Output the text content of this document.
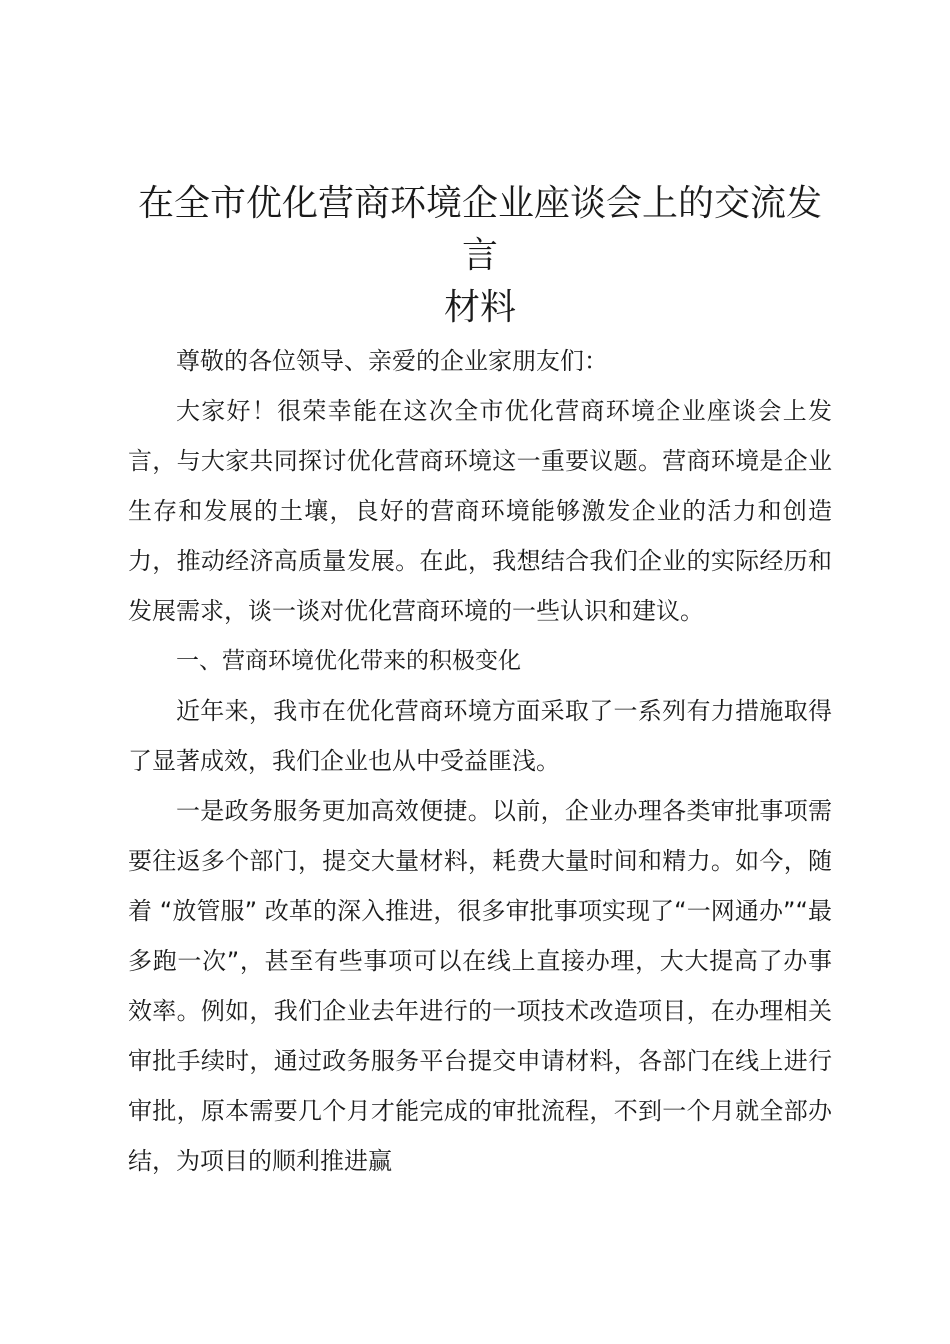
在全市优化营商环境企业座谈会上的交流发言
材料

尊敬的各位领导、亲爱的企业家朋友们：

大家好！很荣幸能在这次全市优化营商环境企业座谈会上发言，与大家共同探讨优化营商环境这一重要议题。营商环境是企业生存和发展的土壤，良好的营商环境能够激发企业的活力和创造力，推动经济高质量发展。在此，我想结合我们企业的实际经历和发展需求，谈一谈对优化营商环境的一些认识和建议。

一、营商环境优化带来的积极变化

近年来，我市在优化营商环境方面采取了一系列有力措施取得了显著成效，我们企业也从中受益匪浅。

一是政务服务更加高效便捷。以前，企业办理各类审批事项需要往返多个部门，提交大量材料，耗费大量时间和精力。如今，随着 “放管服” 改革的深入推进，很多审批事项实现了“一网通办”“最多跑一次”，甚至有些事项可以在线上直接办理，大大提高了办事效率。例如，我们企业去年进行的一项技术改造项目，在办理相关审批手续时，通过政务服务平台提交申请材料，各部门在线上进行审批，原本需要几个月才能完成的审批流程，不到一个月就全部办结，为项目的顺利推进赢
